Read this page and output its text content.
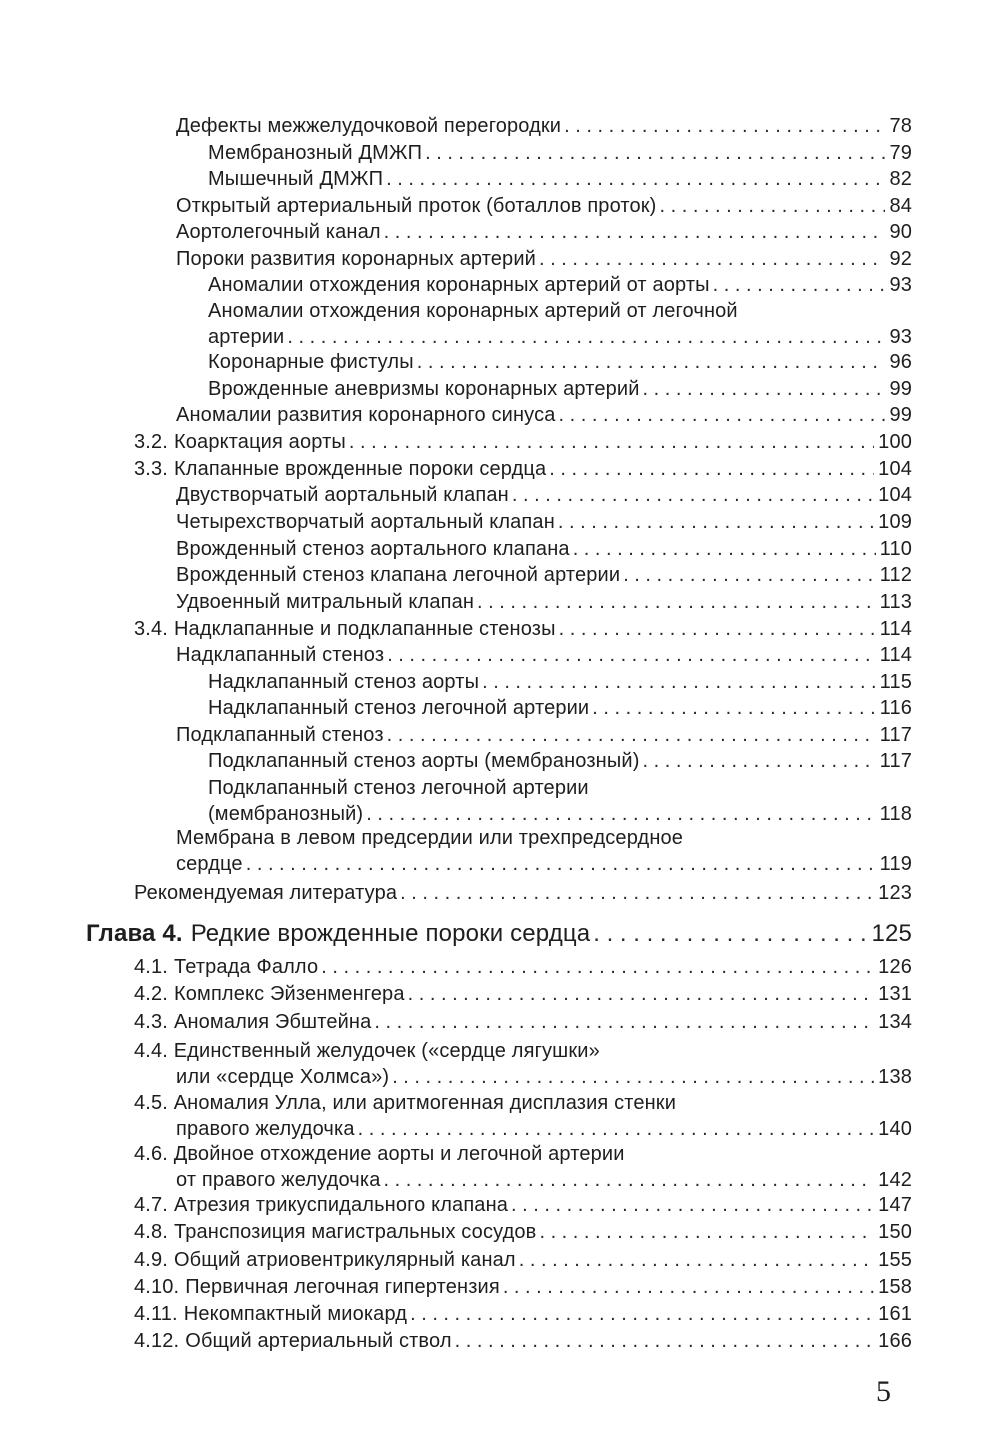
Дефекты межжелудочковой перегородки . . .	78
Мембранозный ДМЖП . . .	79
Мышечный ДМЖП . . .	82
Открытый артериальный проток (боталлов проток) . . .	84
Аортолегочный канал . . .	90
Пороки развития коронарных артерий . . .	92
Аномалии отхождения коронарных артерий от аорты . . .	93
Аномалии отхождения коронарных артерий от легочной
артерии . . .	93
Коронарные фистулы . . .	96
Врожденные аневризмы коронарных артерий . . .	99
Аномалии развития коронарного синуса . . .	99
3.2. Коарктация аорты . . .	100
3.3. Клапанные врожденные пороки сердца . . .	104
Двустворчатый аортальный клапан . . .	104
Четырехстворчатый аортальный клапан . . .	109
Врожденный стеноз аортального клапана . . .	110
Врожденный стеноз клапана легочной артерии . . .	112
Удвоенный митральный клапан . . .	113
3.4. Надклапанные и подклапанные стенозы . . .	114
Надклапанный стеноз . . .	114
Надклапанный стеноз аорты . . .	115
Надклапанный стеноз легочной артерии . . .	116
Подклапанный стеноз . . .	117
Подклапанный стеноз аорты (мембранозный) . . .	117
Подклапанный стеноз легочной артерии
(мембранозный) . . .	118
Мембрана в левом предсердии или трехпредсердное
сердце . . .	119
Рекомендуемая литература . . .	123
Глава 4. Редкие врожденные пороки сердца . . .	125
4.1. Тетрада Фалло . . .	126
4.2. Комплекс Эйзенменгера . . .	131
4.3. Аномалия Эбштейна . . .	134
4.4. Единственный желудочек («сердце лягушки»
или «сердце Холмса») . . .	138
4.5. Аномалия Улла, или аритмогенная дисплазия стенки
правого желудочка . . .	140
4.6. Двойное отхождение аорты и легочной артерии
от правого желудочка . . .	142
4.7. Атрезия трикуспидального клапана . . .	147
4.8. Транспозиция магистральных сосудов . . .	150
4.9. Общий атриовентрикулярный канал . . .	155
4.10. Первичная легочная гипертензия . . .	158
4.11. Некомпактный миокард . . .	161
4.12. Общий артериальный ствол . . .	166
5
